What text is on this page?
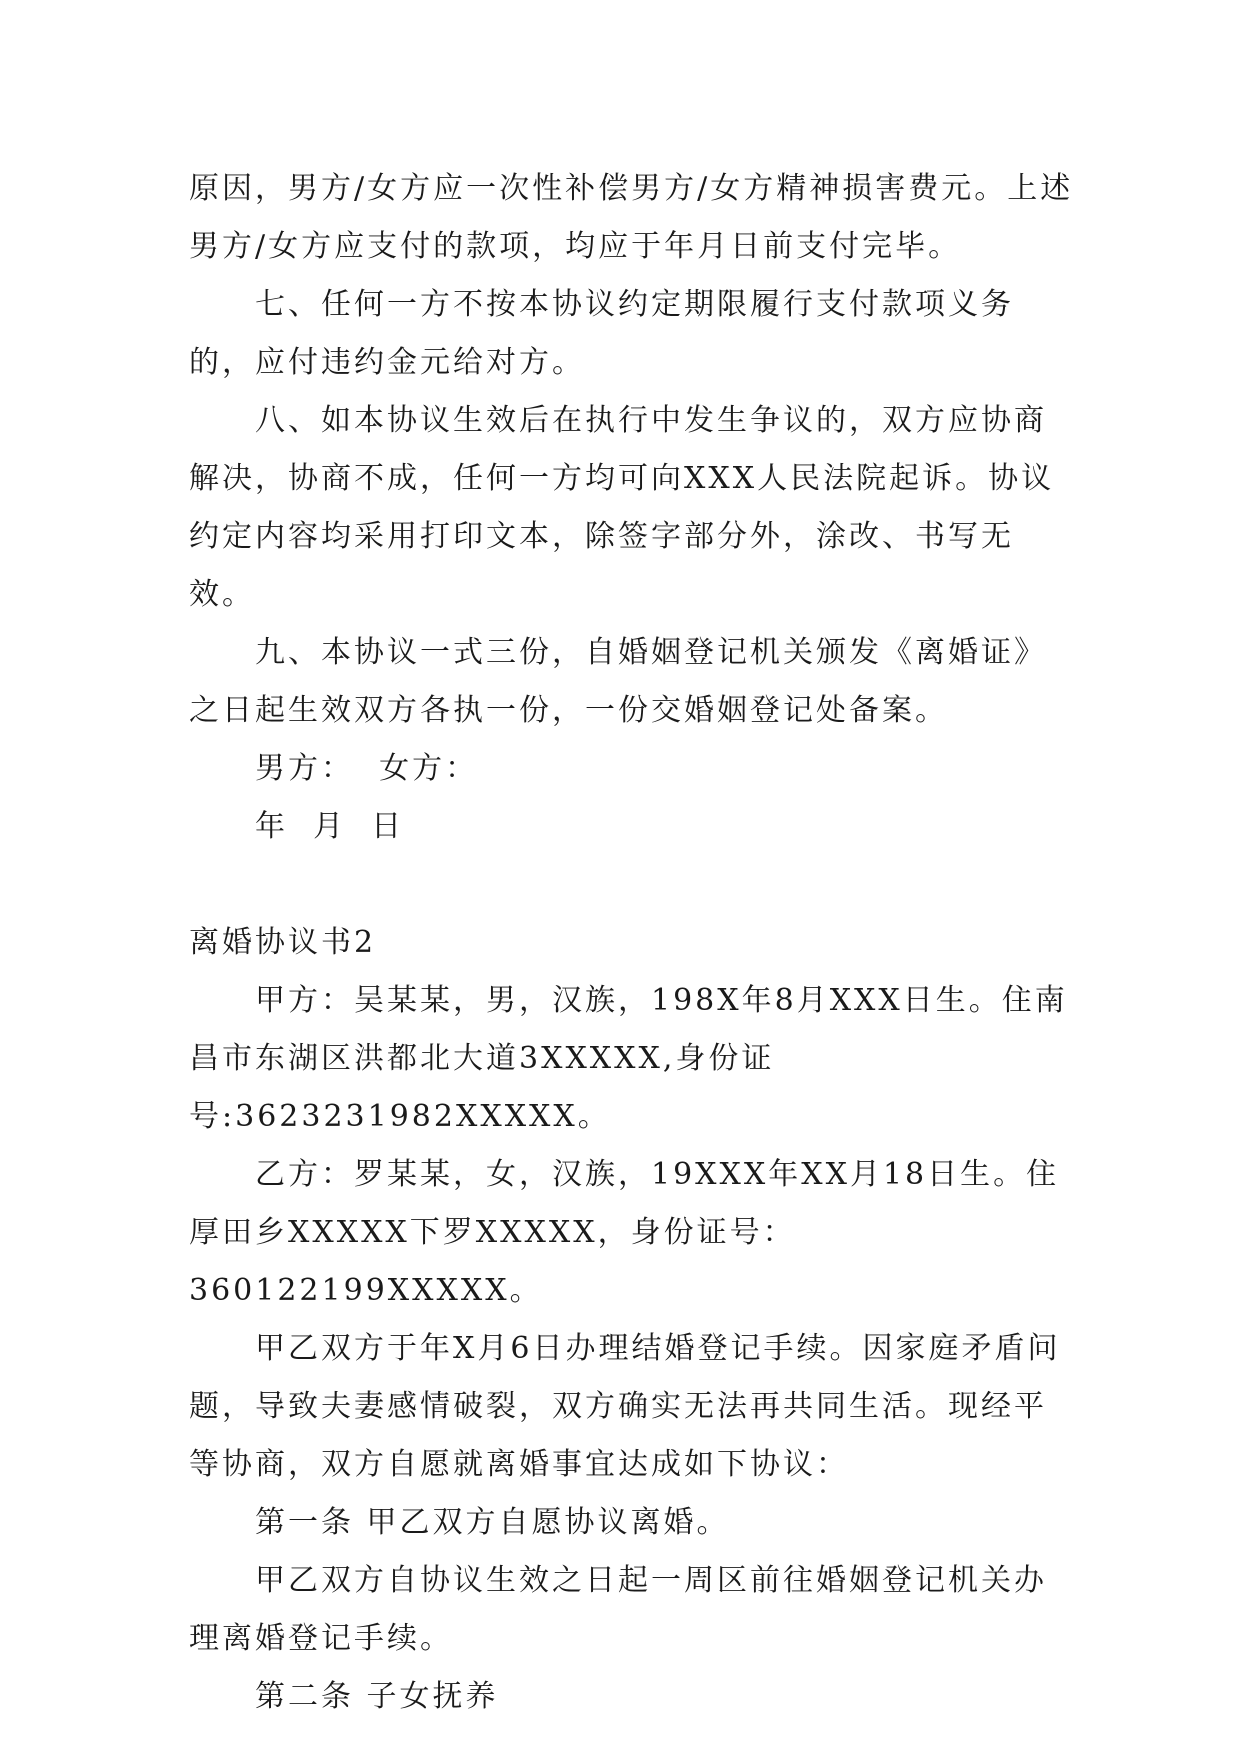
原因，男方/女方应一次性补偿男方/女方精神损害费元。上述男方/女方应支付的款项，均应于年月日前支付完毕。

七、任何一方不按本协议约定期限履行支付款项义务的，应付违约金元给对方。

八、如本协议生效后在执行中发生争议的，双方应协商解决，协商不成，任何一方均可向XXX人民法院起诉。协议约定内容均采用打印文本，除签字部分外，涂改、书写无效。

九、本协议一式三份，自婚姻登记机关颁发《离婚证》之日起生效双方各执一份，一份交婚姻登记处备案。

男方：  女方：

年  月  日

离婚协议书2

甲方：吴某某，男，汉族，198X年8月XXX日生。住南昌市东湖区洪都北大道3XXXXX,身份证号:3623231982XXXXX。

乙方：罗某某，女，汉族，19XXX年XX月18日生。住厚田乡XXXXX下罗XXXXX，身份证号：360122199XXXXX。

甲乙双方于年X月6日办理结婚登记手续。因家庭矛盾问题，导致夫妻感情破裂，双方确实无法再共同生活。现经平等协商，双方自愿就离婚事宜达成如下协议：

第一条 甲乙双方自愿协议离婚。

甲乙双方自协议生效之日起一周区前往婚姻登记机关办理离婚登记手续。

第二条 子女抚养
